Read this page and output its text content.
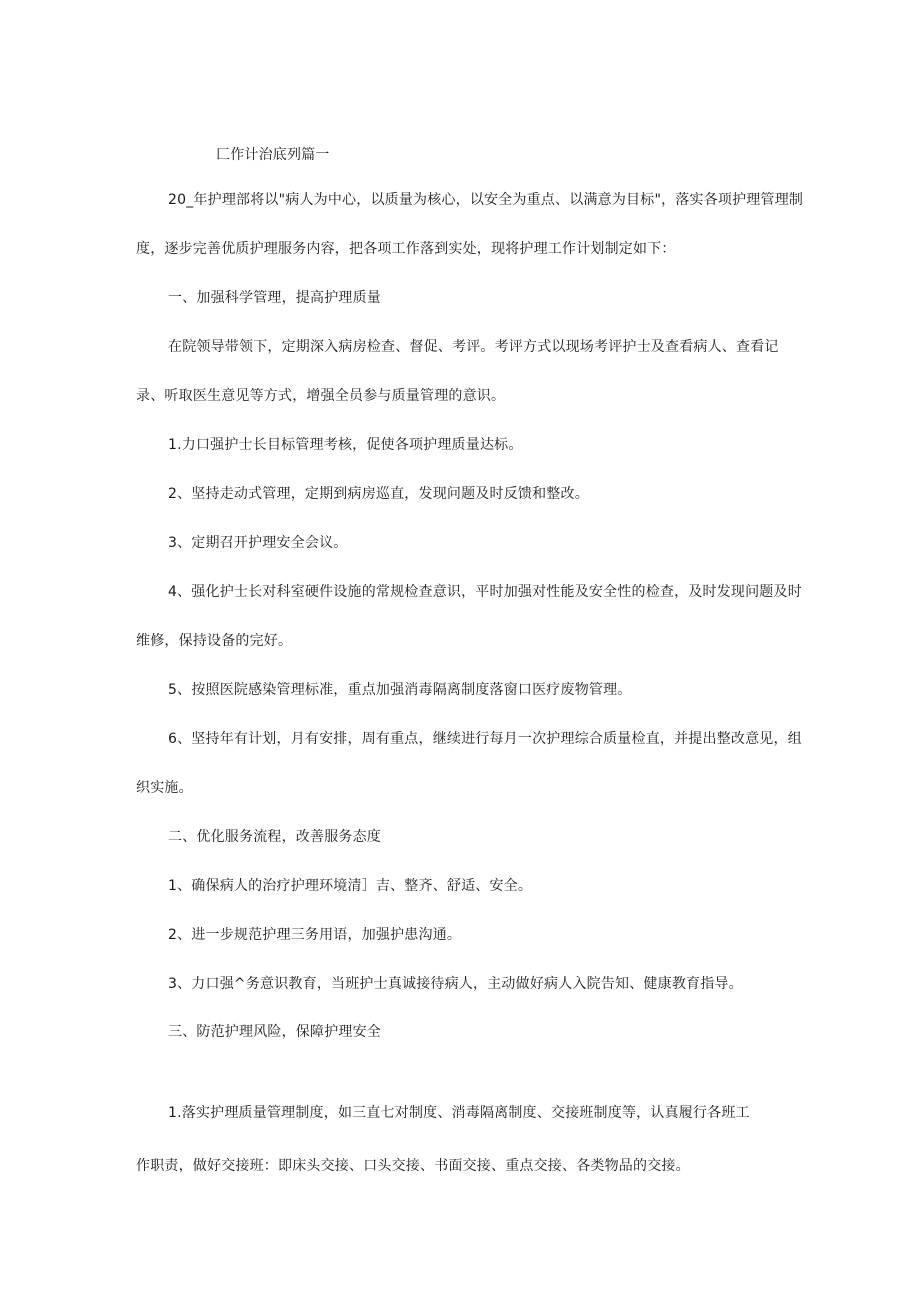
匚作计治底列篇一
20_年护理部将以"病人为中心，以质量为核心，以安全为重点、以满意为目标"，落实各项护理管理制
度，逐步完善优质护理服务内容，把各项工作落到实处，现将护理工作计划制定如下：
一、加强科学管理，提高护理质量
在院领导带领下，定期深入病房检查、督促、考评。考评方式以现场考评护士及查看病人、查看记
录、听取医生意见等方式，增强全员参与质量管理的意识。
1.力口强护士长目标管理考核，促使各项护理质量达标。
2、坚持走动式管理，定期到病房巡直，发现问题及时反馈和整改。
3、定期召开护理安全会议。
4、强化护士长对科室硬件设施的常规检查意识，平时加强对性能及安全性的检查，及时发现问题及时
维修，保持设备的完好。
5、按照医院感染管理标准，重点加强消毒隔离制度落窗口医疗废物管理。
6、坚持年有计划，月有安排，周有重点，继续进行每月一次护理综合质量检直，并提出整改意见，组
织实施。
二、优化服务流程，改善服务态度
1、确保病人的治疗护理环境清］吉、整齐、舒适、安全。
2、进一步规范护理三务用语，加强护患沟通。
3、力口强^务意识教育，当班护士真诚接待病人，主动做好病人入院告知、健康教育指导。
三、防范护理风险，保障护理安全
1.落实护理质量管理制度，如三直七对制度、消毒隔离制度、交接班制度等，认真履行各班工
作职责，做好交接班：即床头交接、口头交接、书面交接、重点交接、各类物品的交接。
